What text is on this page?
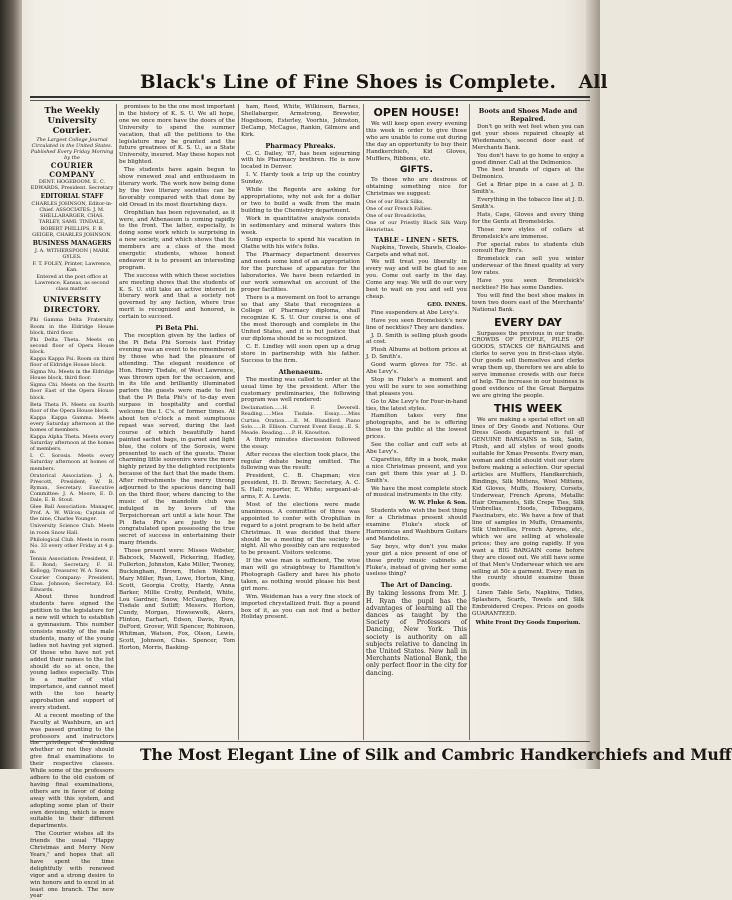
Black's Line of Fine Shoes is Complete. All
The Weekly University Courier.
The Largest College Journal Circulated in the United States.
Published Every Friday Morning by the
COURIER COMPANY

DENT. HOGEBOOM. E. C. EDWARDS, President. Secretary

EDITORIAL STAFF

CHARLES JOHNSON, Editor-in-Chief. ASSOCIATES: J. M. SHELLABARGER, CHAS. TARLEY, SAMI. TINDALE, ROBERT PHILLIPS, F. B. GEIGER, CHARLES JOHNSON.

BUSINESS MANAGERS

J. A. WITHERSPOON | MARK GYLES.

F. T. FOLEY, Printer, Lawrence, Kan.

Entered at the post office at Lawrence, Kansas, as second class matter.

UNIVERSITY DIRECTORY.

Phi Gamma Delta Fraternity. Room in the Eldridge House block, third floor.

Phi Delta Theta. Meets on second floor of Opera House block.

Kappa Kappa Psi. Room on third floor of Eldridge House block.

Sigma Nu. Meets in the Eldridge House block, third floor.

Sigma Chi. Meets on the fourth floor East of the Opera House block.

Beta Theta Pi. Meets on fourth floor of the Opera House block.

Kappa Kappa Gamma. Meets every Saturday afternoon at the homes of members.

Kappa Alpha Theta. Meets every Saturday afternoon at the homes of members.

I. C. Sorosis. Meets every Saturday afternoon at homes of members.

Oratorical Association: J. A. Prescott, President; W. R. Ryman, Secretary. Executive Committee: J. A. Moore, E. D. Dale, E. B. Stout.

Glee Ball Association: Manager, Prof. A. W. Wilcox; Captain of the nine, Charles Younger.

University Science Club. Meets in room Snow Hall.

Philological Club. Meets in room No. 33 every other Friday at 4 p. m.

Tennis Association: President, F. E. Bond; Secretary, F. H. Kellogg; Treasurer, W. A. Snow.

Courier Company: President, Chas. Johnson; Secretary, Ed. Edwards.

About three hundred students have signed the petition to the legislature for a new will which to establish a gymnasium. This number consists mostly of the male students, many of the young ladies not having yet signed. Of those who have not yet added their names to the list should do so at once, the young ladies especially. This is a matter of vital importance, and cannot meet with the too hearty approbation and support of every student.

At a recent meeting of the Faculty at Washburn, an act was passed granting to the professors and instructors the privilege of deciding whether or not they should give final examinations to their respective classes. While some of the professors adhere to the old custom of having final examinations, others are in favor of doing away with this system, and adopting some plan of their own devising, which is more suitable to their different departments.

The Courier wishes all its friends the usual "Happy Christmas and Merry New Years," and hopes that all have spent the time delightfully with renewed vigor and a strong desire to win honors and to excel in at least one branch. The new year

promises to be the one most important in the history of K. S. U. We all hope, one we once more have the doors of the University to spend the summer vacation, that all the petitions to the legislature may be granted and the future greatness of K. S. U., as a State University, insured. May these hopes not be blighted.

The students have again begun to show renewed zeal and enthusiasm in literary work. The work now being done by the two literary societies can be favorably compared with that done by old Oread in its most flourishing days.

Orophilian has been rejuvenated, as it were, and Athenaeum is coming rapidly to the front. The latter, especially, is doing some work which is surprising in a new society, and which shows that its members are a class of the most energetic students, whose honest endeavor it is to present an interesting program.

The success with which these societies are meeting shows that the students of K. S. U. still take an active interest in literary work and that a society not governed by any faction, where true merit is recognized and honored, is certain to succeed.

Pi Beta Phi.

The reception given by the ladies of the Pi Beta Phi Sorosis last Friday evening was an event to be remembered by those who had the pleasure of attending. The elegant residence of Hon. Henry Tisdale, of West Lawrence, was thrown open for the occasion, and in its tile and brilliantly illuminated parlors the guests were made to feel that the Pi Beta Phi's of to-day even surpass in hospitality and cordial welcome the I. C's. of former times. At about ten o'clock a most sumptuous repast was served, during the last course of which beautifully hand painted sachet bags, in garnet and light blue, the colors of the Sorosis, were presented to each of the guests. These charming little souvenirs were the more highly prized by the delighted recipients because of the fact that the made them. After refreshments the merry throng adjourned to the spacious dancing hall on the third floor, where dancing to the music of the mandolin club was indulged in by lovers of the Terpsichorean art until a late hour. The Pi Beta Phi's are justly to be congratulated upon possessing the true secret of success in entertaining their many friends.

Those present were: Misses Webster, Babcock, Maxwell, Pickering, Hadley, Fullerton, Johnston, Kate Miller, Twoney, Buckingham, Brown, Helen Webber, Mary Miller, Ryan, Lowe, Horton, King, Scott, Georgia Crotty, Hardy, Anna Barker, Millie Crotty, Penfield, White, Lou Gardner, Snow, McCaughey, Dow, Tisdale and Sutliff; Messrs. Horton, Cundy, Morgan, Howsewolk, Akers, Flinton, Earhart, Edson, Davis, Ryan, DeFord, Grover, Will Spencer, Robinson, Whitman, Watson, Fox, Olson, Lewis, Scott, Johnson, Chas. Spencer, Tom Horton, Morris, Basking-

ham, Reed, White, Wilkinson, Barnes, Shellabarger, Armstrong, Brewster, Hogeboom, Esterley, Voorhis, Johnston, DeCamp, McCague, Rankin, Gilmore and Kirk.

Pharmacy Phreaks.

C. C. Dailey, '87, has been sojourning with his Pharmacy brethren. He is now located in Denver.

I. V. Hardy took a trip up the country Sunday.

While the Regents are asking for appropriations, why not ask for a dollar or two to build a walk from the main building to the Chemistry department.

Work in quantitative analysis consists in sedimentary and mineral waters this week.

Sump expects to spend his vacation in Olathe with his wife's folks.

The Pharmacy department deserves and needs some kind of an appropriation for the purchase of apparatus for the laboratories. We have been retarded in our work somewhat on account of the proper facilities.

There is a movement on foot to arrange so that any State that recognizes a College of Pharmacy diploma, shall recognize K. S. U. Our course is one of the most thorough and complete in the United States, and it is but justice that our diploma should be so recognized.

C. E. Lindley will soon open up a drug store in partnership with his father. Success to the firm.

Athenaeum.

The meeting was called to order at the usual time by the president. After the customary preliminaries, the following program was well rendered:

Declamation......H. F. Deverell. Reading......Miss Tisdale. Essay......Miss Curtiss. Oration......E. M. Blandford. Piano Solo......B. Ellison. Current Event Essay...E. S. Meade. Reading......P. H. Knowlton.

A thirty minutes discussion followed the essay.

After recess the election took place, the regular debate being omitted. The following was the result:

President, C. B. Chapman; vice president, H. D. Brown; Secretary, A. C. S. Hall; reporter, E. White; sergeant-at-arms, F. A. Lewis.

Most of the elections were made unanimous. A committee of three was appointed to confer with Orophilian in regard to a joint program to be held after Christmas. It was decided that there should be a meeting of the society to-night. All who possibly can are requested to be present. Visitors welcome.

If the wise man is sufficient, The wise man will go straightway to Hamilton's Photograph Gallery and have his photo taken, as nothing would please his best girl more.

Wm. Weideman has a very fine stock of imported chrystallized fruit. Buy a pound box of it, as you can not find a better Holiday present.

OPEN HOUSE!

We will keep open every evening this week in order to give those who are unable to come out during the day an opportunity to buy their Handkerchiefs, Kid Gloves, Mufflers, Ribbons, etc.

GIFTS.

To those who are desirous of obtaining something nice for Christmas we suggest:

One of our Black Silks,

One of our French Fallies.

One of our Broadcloths,

One of our Priestly Black Silk Warp Henriettas.

TABLE - LINEN - SETS.

Napkins, Towels, Shawls, Cloaks-Carpets and what not.

We will treat you liberally in every way and will be glad to see you. Come out early in the day. Come any way. We will do our very best to wait on you and sell you cheap.

GEO. INNES.

Fine suspenders at Abe Levy's.

Have you seen Bromelsick's new line of neckties? They are dandies.

J. D. Smith is selling plush goods at cost.

Plush Albums at bottom prices at J. D. Smith's.

Good warm gloves for 75c. at Abe Levy's.

Stop in Fluke's a moment and you will be sure to see something that pleases you.

Go to Abe Levy's for Four-in-hand ties, the latest styles.

Hamilton takes very fine photographs, and he is offering these to the public at the lowest prices.

See the collar and cuff sets at Abe Levy's.

Cigarettes, fifty in a book, make a nice Christmas present, and you can get them this year at J. D. Smith's.

We have the most complete stock of musical instruments in the city.

W. W. Fluke & Son.

Students who wish the best thing for a Christmas present should examine Fluke's stock of Harmonicas and Washburn Guitars and Mandolins.

Say boys, why don't you make your girl a nice present of one of those pretty music cabinets at Fluke's, instead of giving her some useless thing?

The Art of Dancing.

By taking lessons from Mr. J. H. Ryan the pupil has the advantages of learning all the dances as taught by the Society of Professors of Dancing, New York. This society is authority on all subjects relative to dancing in the United States. New hall in Merchants National Bank, the only perfect floor in the city for dancing.

Boots and Shoes Made and Repaired.

Don't go with wet feet when you can get your shoes repaired cheaply at Wiedemann's, second door east of Merchants Bank.

You don't have to go home to enjoy a good dinner. Call at the Delmonico.

The best brands of cigars at the Delmonico.

Get a Briar pipe in a case at J. D. Smith's.

Everything in the tobacco line at J. D. Smith's.

Hats, Caps, Gloves and every thing for the Gents at Bromelsicks.

Those new styles of collars at Bromelsick's are immense.

For special rates to students club consult Ray Bro's.

Bromelsick can sell you winter underwear of the finest quality at very low rates.

Have you seen Bromelsick's neckties? He has some Dandies.

You will find the best shoe makes in town two doors east of the Merchants' National Bank.

EVERY DAY

Surpasses the previous in our trade. CROWDS OF PEOPLE, PILES OF GOODS, STACKS OF BARGAINS and clerks to serve you in first-class style. Our goods sell themselves and clerks wrap them up, therefore we are able to serve immense crowds with our force of help. The increase in our business is good evidence of the Great Bargains we are giving the people.

THIS WEEK

We are making a special effort on all lines of Dry Goods and Notions. Our Dress Goods department is full of GENUINE BARGAINS in Silk, Satin, Plush, and all styles of wool goods suitable for Xmas Presents. Every man, woman and child should visit our store before making a selection. Our special articles are Mufflers, Handkerchiefs, Bindings, Silk Mittens, Wool Mittens, Kid Gloves, Muffs, Hosiery, Corsets, Underwear, French Aprons, Metallic Hair Ornaments, Silk Crepe Ties, Silk Umbrellas, Hoods, Toboggans, Fascinators, etc. We have a few of that line of samples in Muffs, Ornaments, Silk Umbrellas, French Aprons, etc., which we are selling at wholesale prices; they are going rapidly. If you want a BIG BARGAIN come before they are closed out. We still have some of that Men's Underwear which we are selling at 50c a garment. Every man in the county should examine these goods.

Linen Table Sets, Napkins, Tidies, Splashers, Scarfs, Towels and Silk Embroidered Crepes. Prices on goods GUARANTEED.

White Front Dry Goods Emporium.
The Most Elegant Line of Silk and Cambric Handkerchiefs and Muff
